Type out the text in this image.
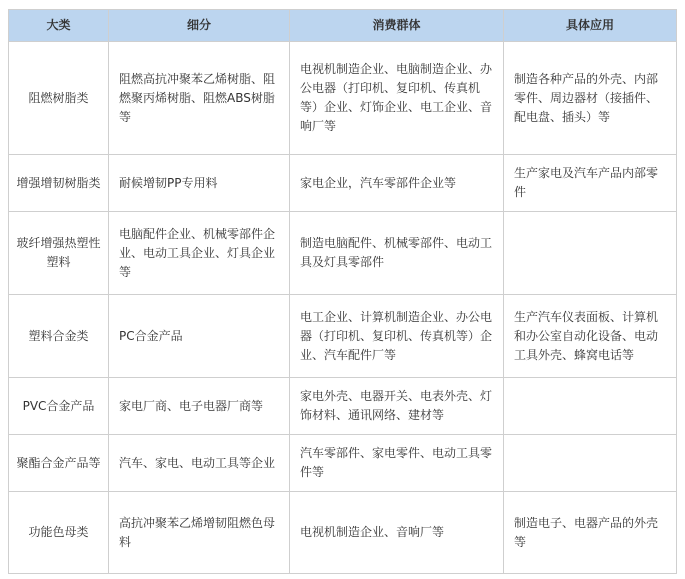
大类	细分	消费群体	具体应用
阻燃树脂类	阻燃高抗冲聚苯乙烯树脂、阻燃聚丙烯树脂、阻燃ABS树脂等	电视机制造企业、电脑制造企业、办公电器（打印机、复印机、传真机等）企业、灯饰企业、电工企业、音响厂等	制造各种产品的外壳、内部零件、周边器材（接插件、配电盘、插头）等
增强增韧树脂类	耐候增韧PP专用料	家电企业，汽车零部件企业等	生产家电及汽车产品内部零件
玻纤增强热塑性塑料	电脑配件企业、机械零部件企业、电动工具企业、灯具企业等	制造电脑配件、机械零部件、电动工具及灯具零部件	
塑料合金类	PC合金产品	电工企业、计算机制造企业、办公电器（打印机、复印机、传真机等）企业、汽车配件厂等	生产汽车仪表面板、计算机和办公室自动化设备、电动工具外壳、蜂窝电话等
PVC合金产品	家电厂商、电子电器厂商等	家电外壳、电器开关、电表外壳、灯饰材料、通讯网络、建材等	
聚酯合金产品等	汽车、家电、电动工具等企业	汽车零部件、家电零件、电动工具零件等	
功能色母类	高抗冲聚苯乙烯增韧阻燃色母料	电视机制造企业、音响厂等	制造电子、电器产品的外壳等
